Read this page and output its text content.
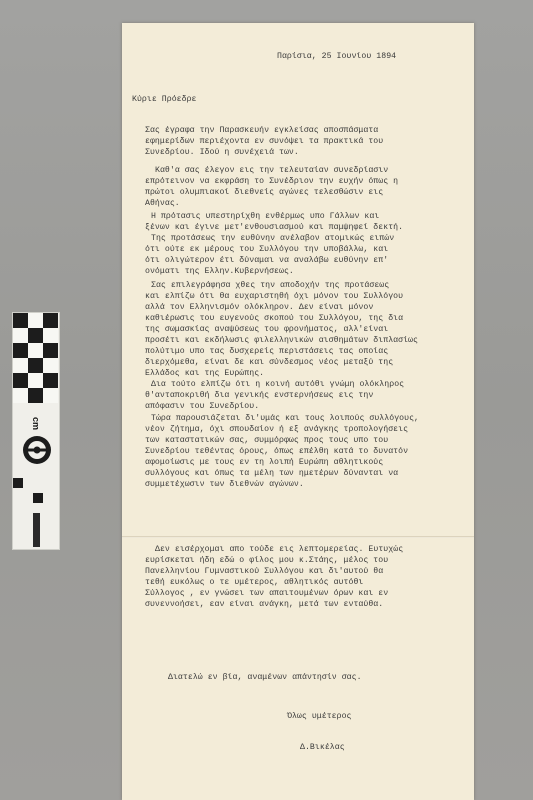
cm
Παρίσια, 25 Ιουνίου 1894
Κύριε Πρόεδρε
Σας έγραφα την Παρασκευήν εγκλείσας αποσπάσματα
εφημερίδων περιέχοντα εν συνόψει τα πρακτικά του
Συνεδρίου. Ιδού η συνέχειά των.
Καθ'α σας έλεγον εις την τελευταίαν συνεδρίασιν
επρότεινον να εκφράση το Συνέδριον την ευχήν όπως η
πρώτοι ολυμπιακοί διεθνείς αγώνες τελεσθώσιν εις
Αθήνας.
Η πρότασις υπεστηρίχθη ενθέρμως υπο Γάλλων και
ξένων και έγινε μετ'ενθουσιασμού και παμψηφεί δεκτή.
Της προτάσεως την ευθύνην ανέλαβον ατομικώς ειπών
ότι ούτε εκ μέρους του Συλλόγου την υποβάλλω, και
ότι ολιγώτερον έτι δύναμαι να αναλάβω ευθύνην επ'
ονόματι της Ελλην.Κυβερνήσεως.
Σας επιλεγράφησα χθες την αποδοχήν της προτάσεως
και ελπίζω ότι θα ευχαριστηθή όχι μόνον του Συλλόγου
αλλά τον Ελληνισμόν ολόκληρον. Δεν είναι μόνον
καθιέρωσις του ευγενούς σκοπού του Συλλόγου, της δια
της σωμασκίας αναψύσεως του φρονήματος, αλλ'είναι
προσέτι και εκδήλωσις φιλελληνικών αισθημάτων διπλασίως
πολύτιμο υπο τας δυσχερείς περιστάσεις τας οποίας
διερχόμεθα, είναι δε και σύνδεσμος νέος μεταξύ της
Ελλάδος και της Ευρώπης.
Δια τούτο ελπίζω ότι η κοινή αυτόθι γνώμη ολόκληρος
θ'ανταποκριθή δια γενικής ενστερνήσεως εις την
απόφασιν του Συνεδρίου.
Τώρα παρουσιάζεται δι'υμάς και τους λοιπούς συλλόγους,
νέον ζήτημα, όχι σπουδαίον ή εξ ανάγκης τροπολογήσεις
των καταστατικών σας, συμμόρφως προς τους υπο του
Συνεδρίου τεθέντας όρους, όπως επέλθη κατά το δυνατόν
αφομοίωσις με τους εν τη λοιπή Ευρώπη αθλητικούς
συλλόγους και όπως τα μέλη των ημετέρων δύνανται να
συμμετέχωσιν των διεθνών αγώνων.
Δεν εισέρχομαι απο τούδε εις λεπτομερείας. Ευτυχώς
ευρίσκεται ήδη εδώ ο φίλος μου κ.Στάης, μέλος του
Πανελληνίου Γυμναστικού Συλλόγου και δι'αυτού θα
τεθή ευκόλως ο τε υμέτερος, αθλητικός αυτόθι
Σύλλογος , εν γνώσει των απαιτουμένων όρων και εν
συνεννοήσει, εαν είναι ανάγκη, μετά των ενταύθα.
Διατελώ εν βία, αναμένων απάντησίν σας.
Όλως υμέτερος
Δ.Βικέλας
